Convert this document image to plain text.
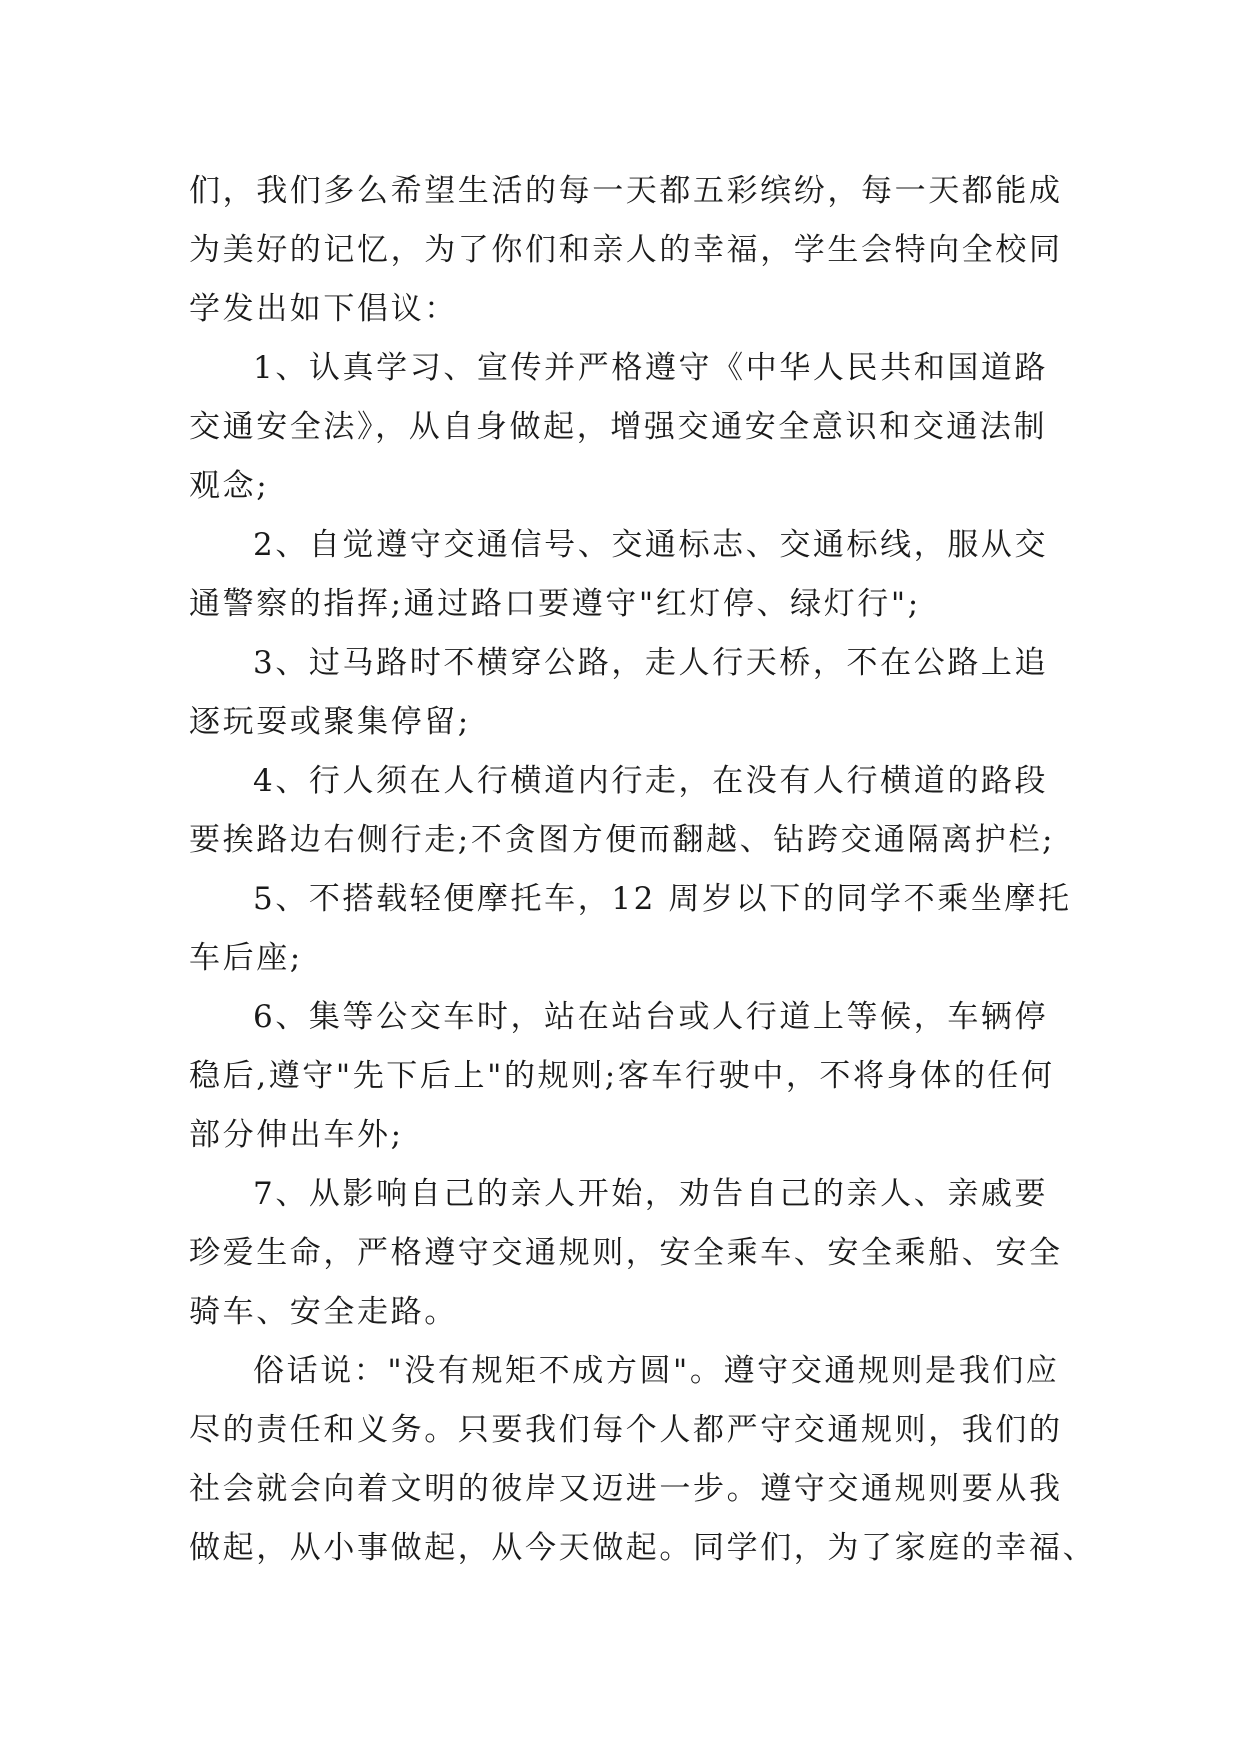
们，我们多么希望生活的每一天都五彩缤纷，每一天都能成
为美好的记忆，为了你们和亲人的幸福，学生会特向全校同
学发出如下倡议：
1、认真学习、宣传并严格遵守《中华人民共和国道路
交通安全法》，从自身做起，增强交通安全意识和交通法制
观念;
2、自觉遵守交通信号、交通标志、交通标线，服从交
通警察的指挥;通过路口要遵守"红灯停、绿灯行";
3、过马路时不横穿公路，走人行天桥，不在公路上追
逐玩耍或聚集停留;
4、行人须在人行横道内行走，在没有人行横道的路段
要挨路边右侧行走;不贪图方便而翻越、钻跨交通隔离护栏;
5、不搭载轻便摩托车，12 周岁以下的同学不乘坐摩托
车后座;
6、集等公交车时，站在站台或人行道上等候，车辆停
稳后,遵守"先下后上"的规则;客车行驶中，不将身体的任何
部分伸出车外;
7、从影响自己的亲人开始，劝告自己的亲人、亲戚要
珍爱生命，严格遵守交通规则，安全乘车、安全乘船、安全
骑车、安全走路。
俗话说："没有规矩不成方圆"。遵守交通规则是我们应
尽的责任和义务。只要我们每个人都严守交通规则，我们的
社会就会向着文明的彼岸又迈进一步。遵守交通规则要从我
做起，从小事做起，从今天做起。同学们，为了家庭的幸福、
